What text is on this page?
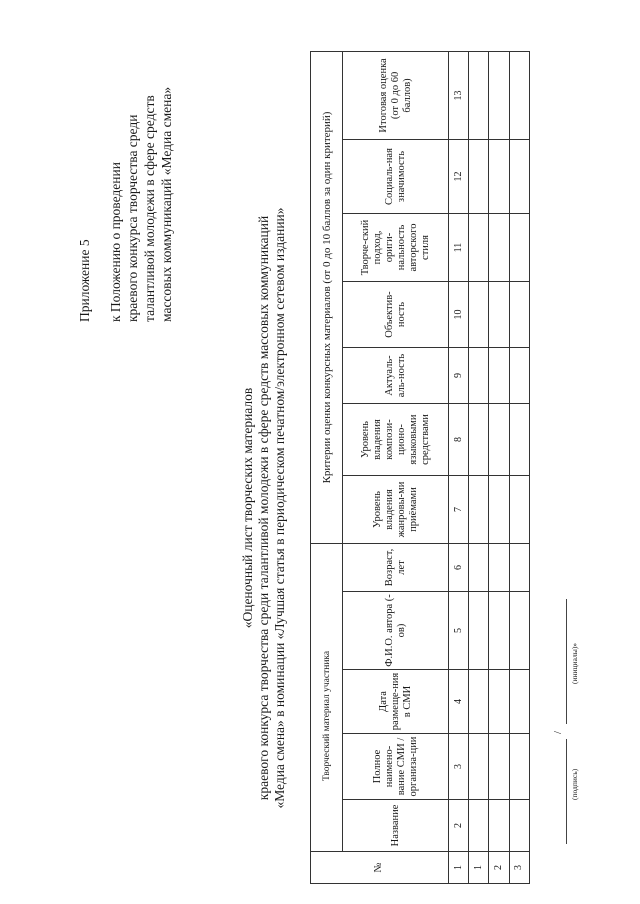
Приложение 5 к Положению о проведении
краевого конкурса творчества среди
талантливой молодежи в сфере средств
массовых коммуникаций «Медиа смена»
«Оценочный лист творческих материалов краевого конкурса творчества среди талантливой молодежи в сфере средств массовых коммуникаций «Медиа смена» в номинации «Лучшая статья в периодическом печатном/электронном сетевом издании»
№	Творческий материал участника					Критерии оценки конкурсных материалов (от 0 до 10 баллов за один критерий)						
	Название	Полное наимено-вание СМИ / организа-ции	Дата размеще-ния в СМИ	Ф.И.О. автора (-ов)	Возраст, лет	Уровень владения жанровы-ми приёмами	Уровень владения компози-ционо-языковыми средствами	Актуаль-аль-ность	Объектив-ность	Творче-ский подход, ориги-нальность авторского стиля	Социаль-ная значимость	Итоговая оценка (от 0 до 60 баллов)
1	2	3	4	5	6	7	8	9	10	11	12	13
1												
2												
3												
/
(подпись)
(инициалы)»
